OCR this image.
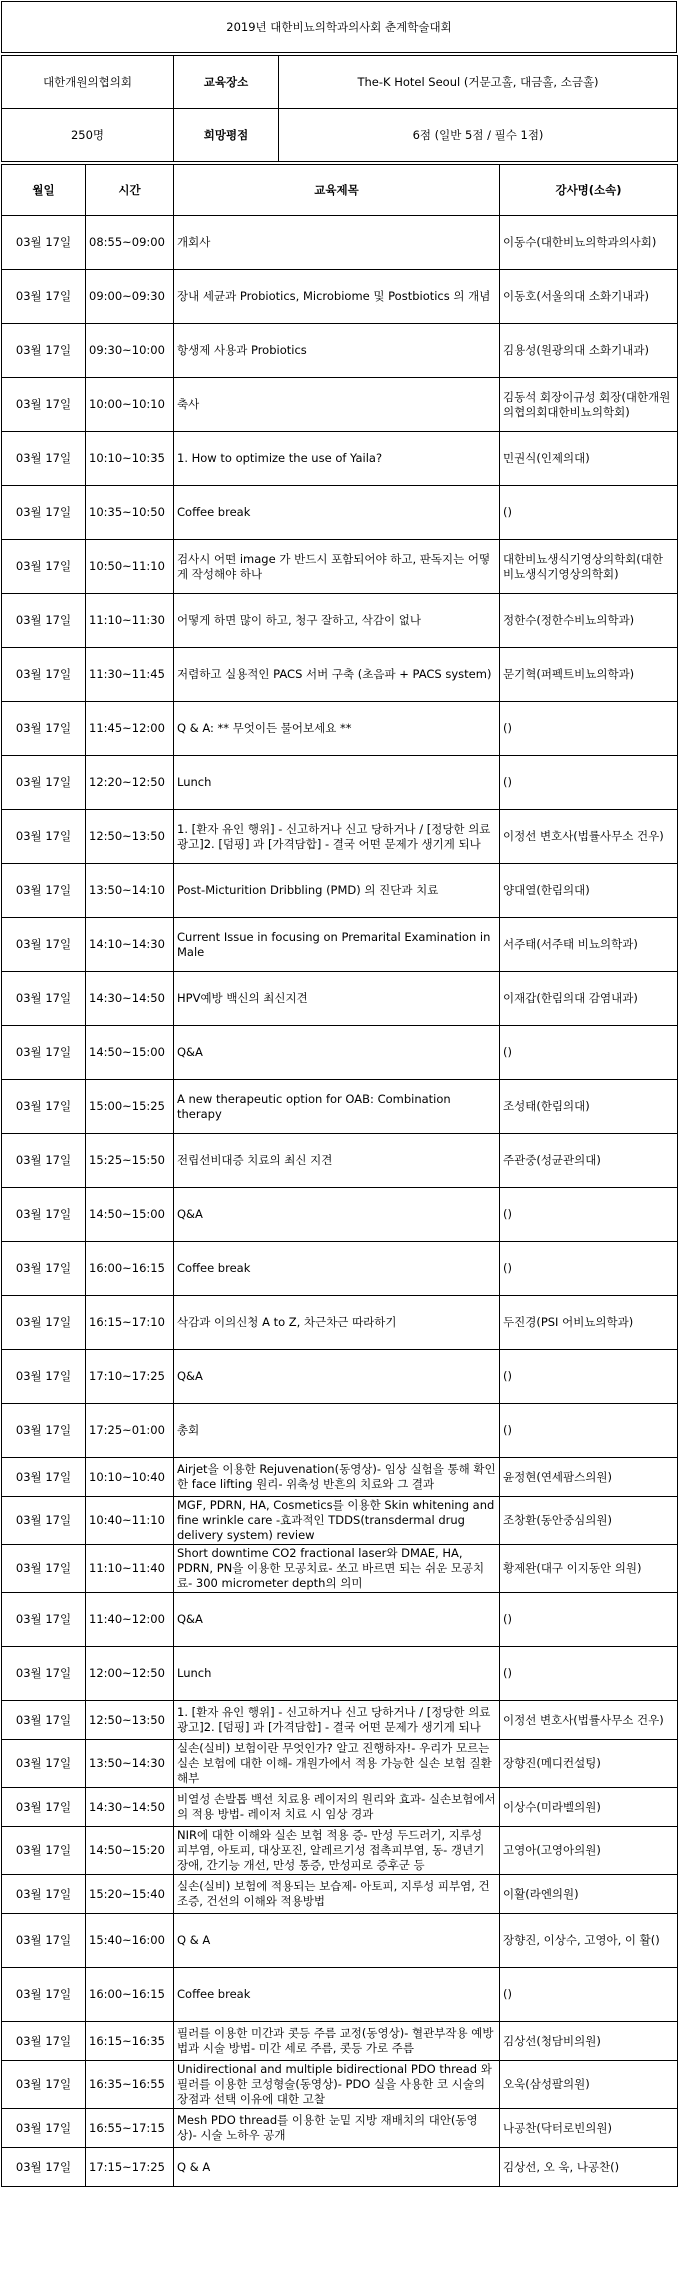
2019년 대한비뇨의학과의사회 춘계학술대회
대한개원의협의회	교육장소	The-K Hotel Seoul (거문고홀, 대금홀, 소금홀)
250명	희망평점	6점 (일반 5점 / 필수 1점)
월일	시간	교육제목	강사명(소속)
03월 17일	08:55~09:00	개회사	이동수(대한비뇨의학과의사회)
03월 17일	09:00~09:30	장내 세균과 Probiotics, Microbiome 및 Postbiotics 의 개념	이동호(서울의대 소화기내과)
03월 17일	09:30~10:00	항생제 사용과 Probiotics	김용성(원광의대 소화기내과)
03월 17일	10:00~10:10	축사	김동석 회장이규성 회장(대한개원의협의회대한비뇨의학회)
03월 17일	10:10~10:35	1. How to optimize the use of Yaila?	민권식(인제의대)
03월 17일	10:35~10:50	Coffee break	()
03월 17일	10:50~11:10	검사시 어떤 image 가 반드시 포함되어야 하고, 판독지는 어떻게 작성해야 하나	대한비뇨생식기영상의학회(대한비뇨생식기영상의학회)
03월 17일	11:10~11:30	어떻게 하면 많이 하고, 청구 잘하고, 삭감이 없나	정한수(정한수비뇨의학과)
03월 17일	11:30~11:45	저렴하고 실용적인 PACS 서버 구축 (초음파 + PACS system)	문기혁(퍼펙트비뇨의학과)
03월 17일	11:45~12:00	Q & A: ** 무엇이든 물어보세요 **	()
03월 17일	12:20~12:50	Lunch	()
03월 17일	12:50~13:50	1. [환자 유인 행위] - 신고하거나 신고 당하거나 / [정당한 의료광고]2. [덤핑] 과 [가격담합] - 결국 어떤 문제가 생기게 되나	이정선 변호사(법률사무소 건우)
03월 17일	13:50~14:10	Post-Micturition Dribbling (PMD) 의 진단과 치료	양대열(한림의대)
03월 17일	14:10~14:30	Current Issue in focusing on Premarital Examination in Male	서주태(서주태 비뇨의학과)
03월 17일	14:30~14:50	HPV예방 백신의 최신지견	이재갑(한림의대 감염내과)
03월 17일	14:50~15:00	Q&A	()
03월 17일	15:00~15:25	A new therapeutic option for OAB: Combination therapy	조성태(한림의대)
03월 17일	15:25~15:50	전립선비대증 치료의 최신 지견	주관중(성균관의대)
03월 17일	14:50~15:00	Q&A	()
03월 17일	16:00~16:15	Coffee break	()
03월 17일	16:15~17:10	삭감과 이의신청 A to Z, 차근차근 따라하기	두진경(PSI 어비뇨의학과)
03월 17일	17:10~17:25	Q&A	()
03월 17일	17:25~01:00	총회	()
03월 17일	10:10~10:40	Airjet을 이용한 Rejuvenation(동영상)- 임상 실험을 통해 확인한 face lifting 원리- 위축성 반흔의 치료와 그 결과	윤정현(연세팜스의원)
03월 17일	10:40~11:10	MGF, PDRN, HA, Cosmetics를 이용한 Skin whitening and fine wrinkle care -효과적인 TDDS(transdermal drug delivery system) review	조창환(동안중심의원)
03월 17일	11:10~11:40	Short downtime CO2 fractional laser와 DMAE, HA, PDRN, PN을 이용한 모공치료- 쏘고 바르면 되는 쉬운 모공치료- 300 micrometer depth의 의미	황제완(대구 이지동안 의원)
03월 17일	11:40~12:00	Q&A	()
03월 17일	12:00~12:50	Lunch	()
03월 17일	12:50~13:50	1. [환자 유인 행위] - 신고하거나 신고 당하거나 / [정당한 의료광고]2. [덤핑] 과 [가격담합] - 결국 어떤 문제가 생기게 되나	이정선 변호사(법률사무소 건우)
03월 17일	13:50~14:30	실손(실비) 보험이란 무엇인가? 알고 진행하자!- 우리가 모르는 실손 보험에 대한 이해- 개원가에서 적용 가능한 실손 보험 질환 해부	장향진(메디컨설팅)
03월 17일	14:30~14:50	비열성 손발톱 백선 치료용 레이저의 원리와 효과- 실손보험에서의 적용 방법- 레이저 치료 시 임상 경과	이상수(미라벨의원)
03월 17일	14:50~15:20	NIR에 대한 이해와 실손 보험 적용 증- 만성 두드러기, 지루성 피부염, 아토피, 대상포진, 알레르기성 접촉피부염, 동- 갱년기 장애, 간기능 개선, 만성 통증, 만성피로 증후군 등	고영아(고영아의원)
03월 17일	15:20~15:40	실손(실비) 보험에 적용되는 보습제- 아토피, 지루성 피부염, 건조증, 건선의 이해와 적용방법	이활(라엔의원)
03월 17일	15:40~16:00	Q & A	장향진, 이상수, 고영아, 이 활()
03월 17일	16:00~16:15	Coffee break	()
03월 17일	16:15~16:35	필러를 이용한 미간과 콧등 주름 교정(동영상)- 혈관부작용 예방법과 시술 방법- 미간 세로 주름, 콧등 가로 주름	김상선(청담비의원)
03월 17일	16:35~16:55	Unidirectional and multiple bidirectional PDO thread 와 필러를 이용한 코성형술(동영상)- PDO 실을 사용한 코 시술의 장점과 선택 이유에 대한 고찰	오욱(삼성팔의원)
03월 17일	16:55~17:15	Mesh PDO thread를 이용한 눈밑 지방 재배치의 대안(동영상)- 시술 노하우 공개	나공찬(닥터로빈의원)
03월 17일	17:15~17:25	Q & A	김상선, 오 욱, 나공찬()
